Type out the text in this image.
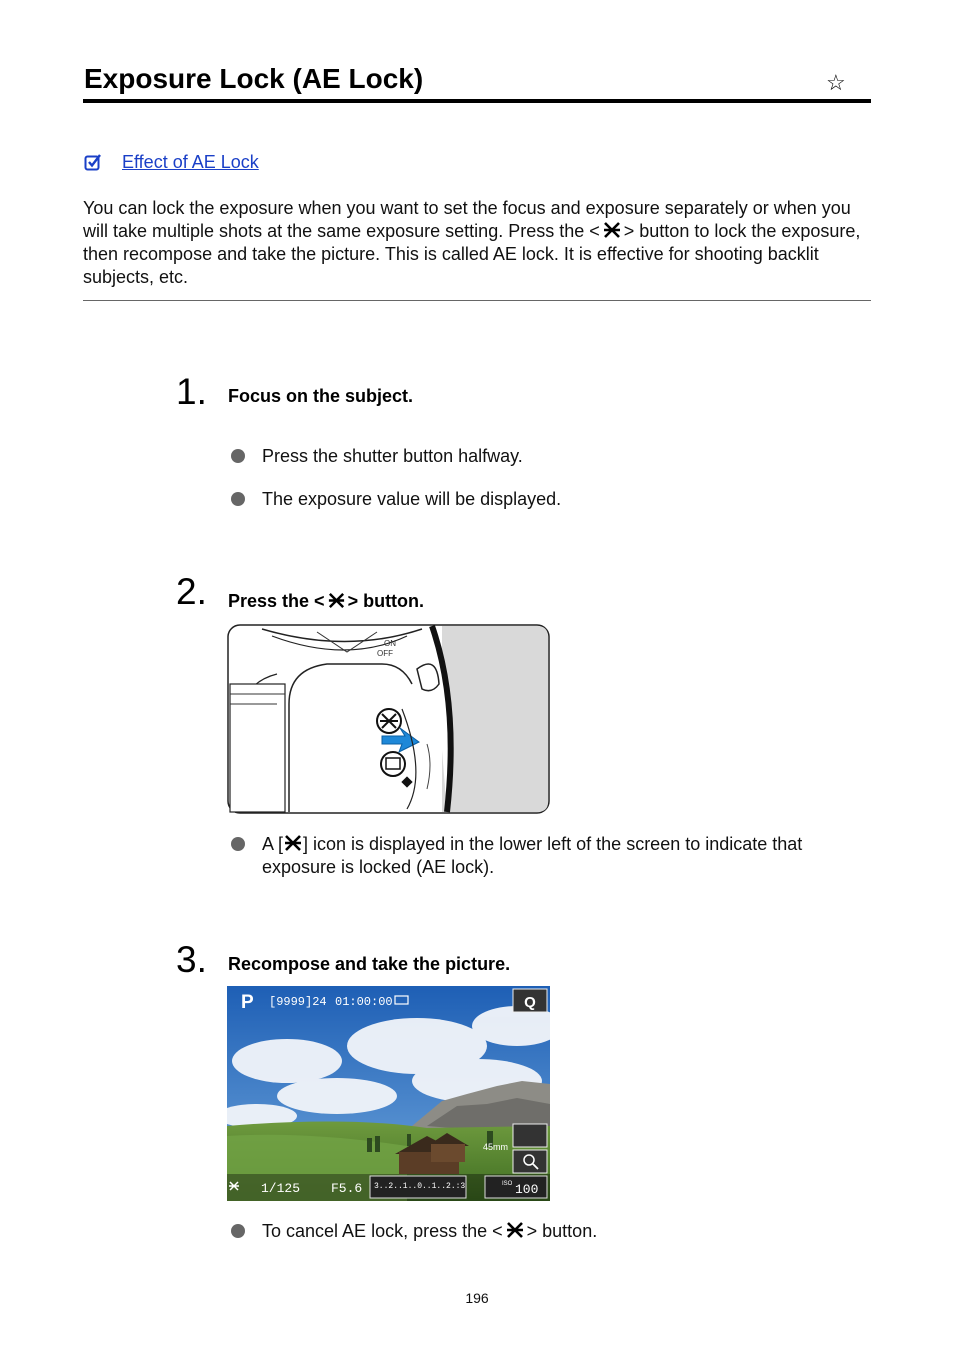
Exposure Lock (AE Lock)	☆
Effect of AE Lock
You can lock the exposure when you want to set the focus and exposure separately or when you will take multiple shots at the same exposure setting. Press the < > button to lock the exposure, then recompose and take the picture. This is called AE lock. It is effective for shooting backlit subjects, etc.
1. Focus on the subject.
Press the shutter button halfway.
The exposure value will be displayed.
2. Press the < > button.
ON
OFF
A [ ] icon is displayed in the lower left of the screen to indicate that exposure is locked (AE lock).
3. Recompose and take the picture.
P [9999]24 01:00:00	Q
45mm
1/125 F5.6 3..2..1..0..1..2.:3	ISO 100
To cancel AE lock, press the < > button.
196
